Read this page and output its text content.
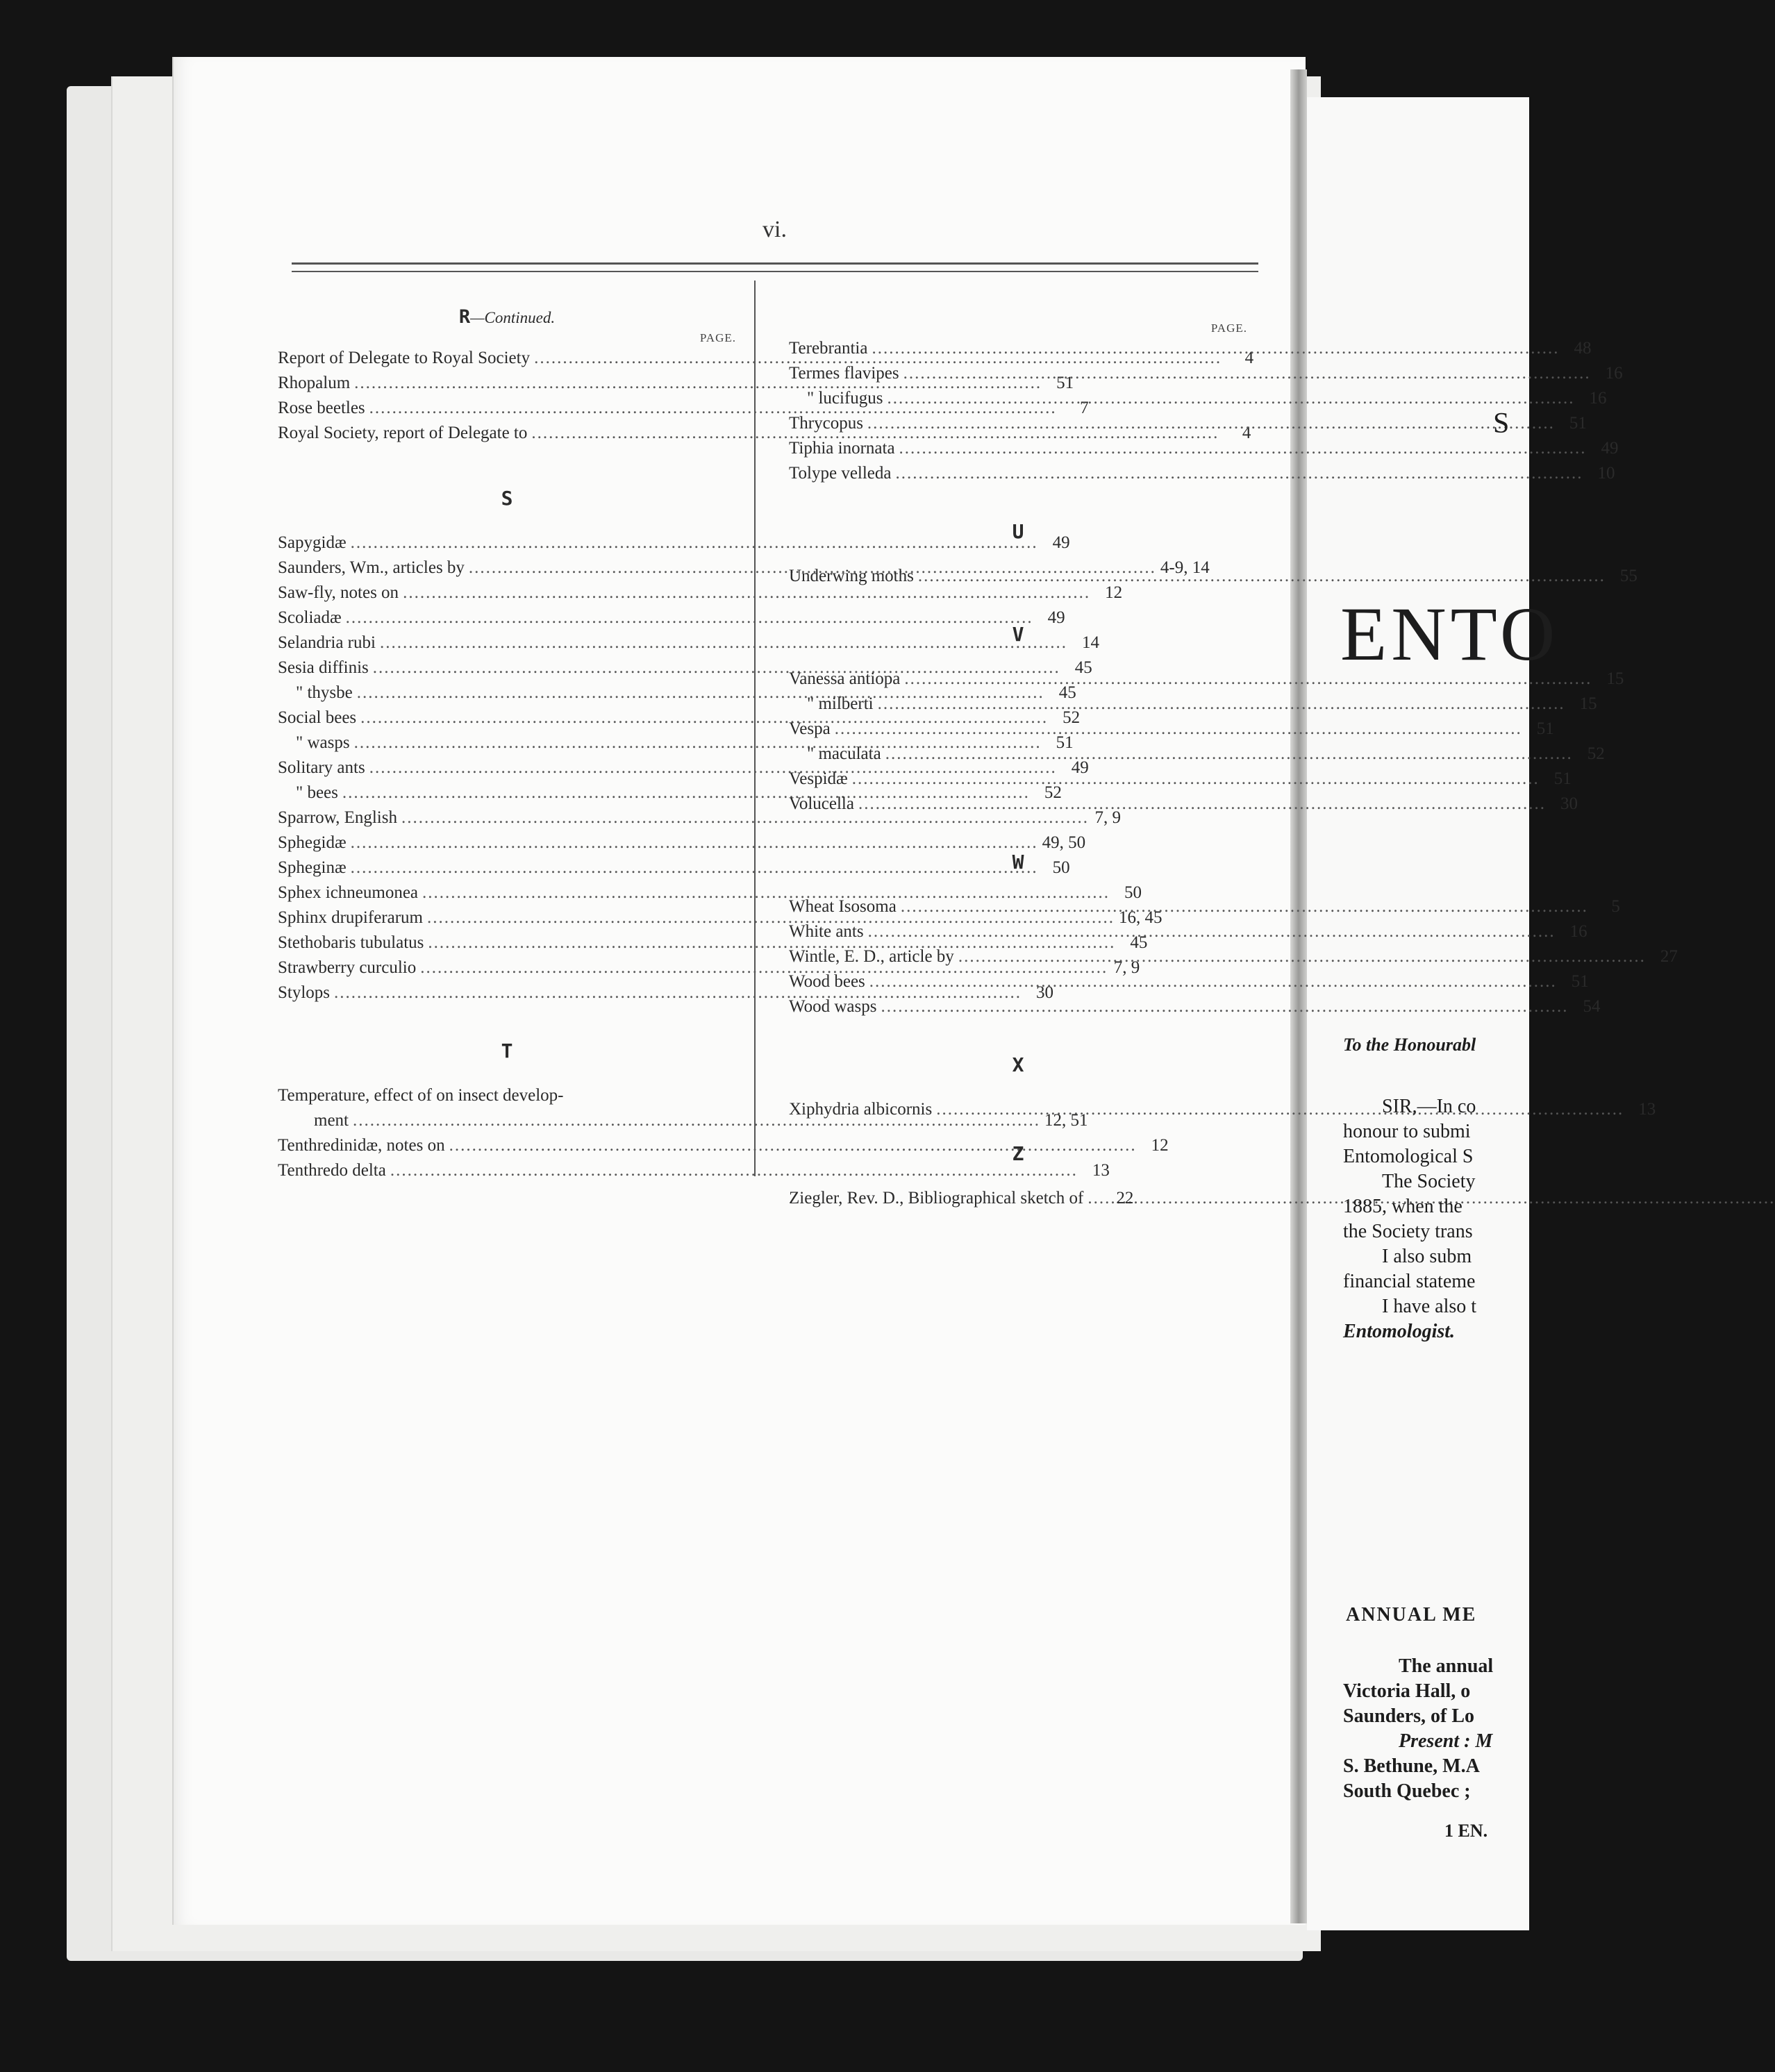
vi.
R—Continued.
PAGE.
Report of Delegate to Royal Society .....	4
Rhopalum .....	51
Rose beetles .....	7
Royal Society, report of Delegate to .....	4
S
Sapygidæ .....	49
Saunders, Wm., articles by .....	4-9, 14
Saw-fly, notes on .....	12
Scoliadæ .....	49
Selandria rubi .....	14
Sesia diffinis .....	45
" thysbe .....	45
Social bees .....	52
" wasps .....	51
Solitary ants .....	49
" bees .....	52
Sparrow, English .....	7, 9
Sphegidæ .....	49, 50
Spheginæ .....	50
Sphex ichneumonea .....	50
Sphinx drupiferarum .....	16, 45
Stethobaris tubulatus .....	45
Strawberry curculio .....	7, 9
Stylops .....	30
T
Temperature, effect of on insect develop-
ment .....	12, 51
Tenthredinidæ, notes on .....	12
Tenthredo delta .....	13
PAGE.
Terebrantia .....	48
Termes flavipes .....	16
" lucifugus .....	16
Thrycopus .....	51
Tiphia inornata .....	49
Tolype velleda .....	10
U
Underwing moths .....	55
V
Vanessa antiopa .....	15
" milberti .....	15
Vespa .....	51
" maculata .....	52
Vespidæ .....	51
Volucella .....	30
W
Wheat Isosoma .....	5
White ants .....	16
Wintle, E. D., article by .....	27
Wood bees .....	51
Wood wasps .....	54
X
Xiphydria albicornis .....	13
Z
Ziegler, Rev. D., Bibliographical sketch of .....	22
S
ENTO
To the Honourabl
SIR,—In co
honour to submi
Entomological S
The Society
1885, when the
the Society trans
I also subm
financial stateme
I have also t
Entomologist.
ANNUAL ME
The annual
Victoria Hall, o
Saunders, of Lo
Present : M
S. Bethune, M.A
South Quebec ;
1 EN.
